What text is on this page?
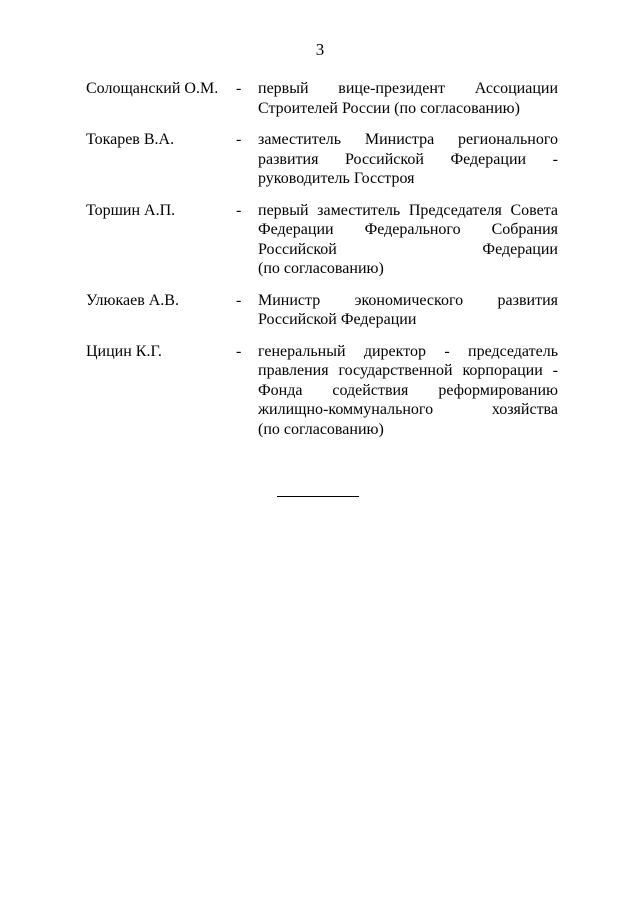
3
Солощанский О.М.	-	первый вице-президент Ассоциации
Строителей России (по согласованию)
Токарев В.А.	-	заместитель Министра регионального
развития Российской Федерации -
руководитель Госстроя
Торшин А.П.	-	первый заместитель Председателя Совета
Федерации Федерального Собрания
Российской Федерации
(по согласованию)
Улюкаев А.В.	-	Министр экономического развития
Российской Федерации
Цицин К.Г.	-	генеральный директор - председатель
правления государственной корпорации -
Фонда содействия реформированию
жилищно-коммунального хозяйства
(по согласованию)
